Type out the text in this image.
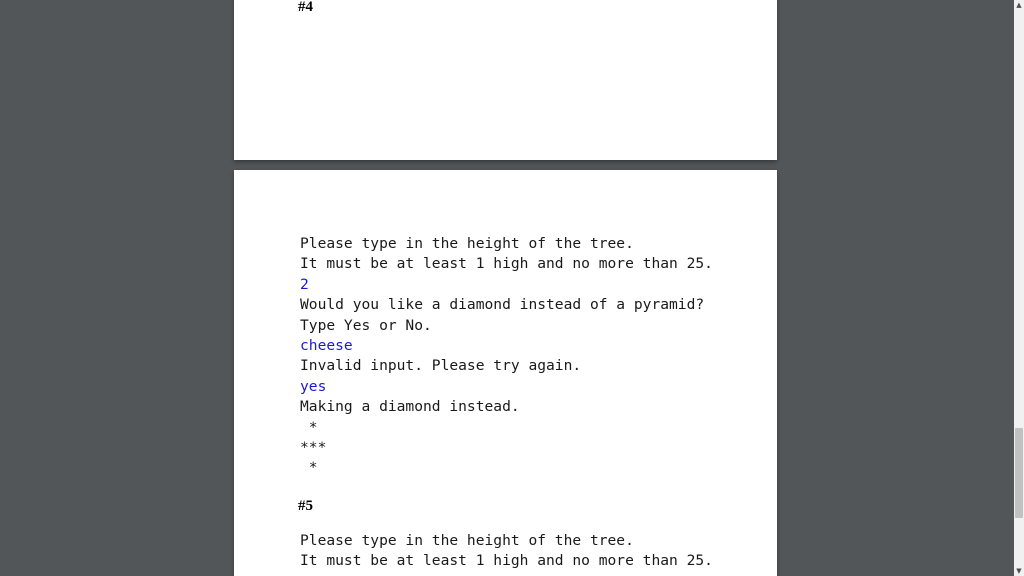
#4
Please type in the height of the tree.
It must be at least 1 high and no more than 25.
2
Would you like a diamond instead of a pyramid?
Type Yes or No.
cheese
Invalid input. Please try again.
yes
Making a diamond instead.
*
***
*
#5
Please type in the height of the tree.
It must be at least 1 high and no more than 25.
▲
▼
